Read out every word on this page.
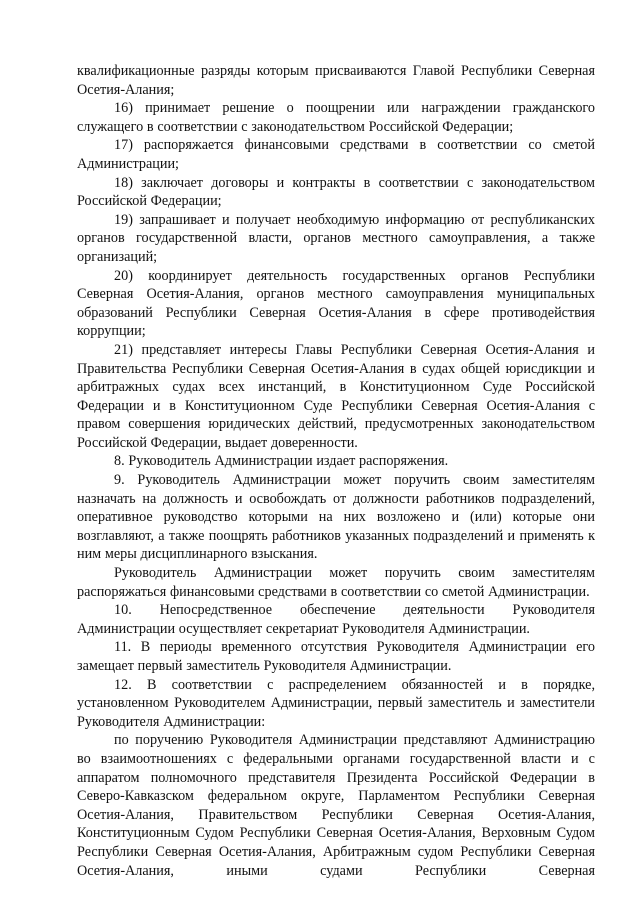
квалификационные разряды которым присваиваются Главой Республики Северная Осетия-Алания;

16) принимает решение о поощрении или награждении гражданского служащего в соответствии с законодательством Российской Федерации;

17) распоряжается финансовыми средствами в соответствии со сметой Администрации;

18) заключает договоры и контракты в соответствии с законодательством Российской Федерации;

19) запрашивает и получает необходимую информацию от республиканских органов государственной власти, органов местного самоуправления, а также организаций;

20) координирует деятельность государственных органов Республики Северная Осетия-Алания, органов местного самоуправления муниципальных образований Республики Северная Осетия-Алания в сфере противодействия коррупции;

21) представляет интересы Главы Республики Северная Осетия-Алания и Правительства Республики Северная Осетия-Алания в судах общей юрисдикции и арбитражных судах всех инстанций, в Конституционном Суде Российской Федерации и в Конституционном Суде Республики Северная Осетия-Алания с правом совершения юридических действий, предусмотренных законодательством Российской Федерации, выдает доверенности.

8. Руководитель Администрации издает распоряжения.

9. Руководитель Администрации может поручить своим заместителям назначать на должность и освобождать от должности работников подразделений, оперативное руководство которыми на них возложено и (или) которые они возглавляют, а также поощрять работников указанных подразделений и применять к ним меры дисциплинарного взыскания.

Руководитель Администрации может поручить своим заместителям распоряжаться финансовыми средствами в соответствии со сметой Администрации.

10. Непосредственное обеспечение деятельности Руководителя Администрации осуществляет секретариат Руководителя Администрации.

11. В периоды временного отсутствия Руководителя Администрации его замещает первый заместитель Руководителя Администрации.

12. В соответствии с распределением обязанностей и в порядке, установленном Руководителем Администрации, первый заместитель и заместители Руководителя Администрации:

по поручению Руководителя Администрации представляют Администрацию во взаимоотношениях с федеральными органами государственной власти и с аппаратом полномочного представителя Президента Российской Федерации в Северо-Кавказском федеральном округе, Парламентом Республики Северная Осетия-Алания, Правительством Республики Северная Осетия-Алания, Конституционным Судом Республики Северная Осетия-Алания, Верховным Судом Республики Северная Осетия-Алания, Арбитражным судом Республики Северная Осетия-Алания, иными судами Республики Северная
